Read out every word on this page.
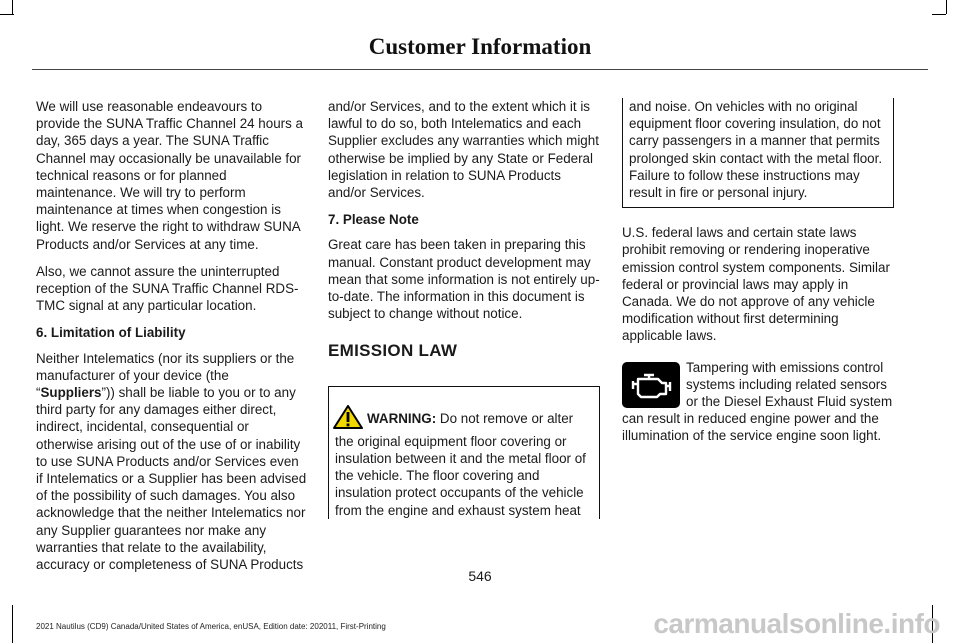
Customer Information

We will use reasonable endeavours to provide the SUNA Traffic Channel 24 hours a day, 365 days a year. The SUNA Traffic Channel may occasionally be unavailable for technical reasons or for planned maintenance. We will try to perform maintenance at times when congestion is light. We reserve the right to withdraw SUNA Products and/or Services at any time.

Also, we cannot assure the uninterrupted reception of the SUNA Traffic Channel RDS-TMC signal at any particular location.

6. Limitation of Liability

Neither Intelematics (nor its suppliers or the manufacturer of your device (the “Suppliers”)) shall be liable to you or to any third party for any damages either direct, indirect, incidental, consequential or otherwise arising out of the use of or inability to use SUNA Products and/or Services even if Intelematics or a Supplier has been advised of the possibility of such damages. You also acknowledge that the neither Intelematics nor any Supplier guarantees nor make any warranties that relate to the availability, accuracy or completeness of SUNA Products

and/or Services, and to the extent which it is lawful to do so, both Intelematics and each Supplier excludes any warranties which might otherwise be implied by any State or Federal legislation in relation to SUNA Products and/or Services.

7. Please Note

Great care has been taken in preparing this manual. Constant product development may mean that some information is not entirely up-to-date. The information in this document is subject to change without notice.

EMISSION LAW
WARNING: Do not remove or alter the original equipment floor covering or insulation between it and the metal floor of the vehicle. The floor covering and insulation protect occupants of the vehicle from the engine and exhaust system heat
and noise. On vehicles with no original equipment floor covering insulation, do not carry passengers in a manner that permits prolonged skin contact with the metal floor. Failure to follow these instructions may result in fire or personal injury.

U.S. federal laws and certain state laws prohibit removing or rendering inoperative emission control system components. Similar federal or provincial laws may apply in Canada. We do not approve of any vehicle modification without first determining applicable laws.

Tampering with emissions control systems including related sensors or the Diesel Exhaust Fluid system can result in reduced engine power and the illumination of the service engine soon light.
546
2021 Nautilus (CD9) Canada/United States of America, enUSA, Edition date: 202011, First-Printing	carmanualsonline.info
